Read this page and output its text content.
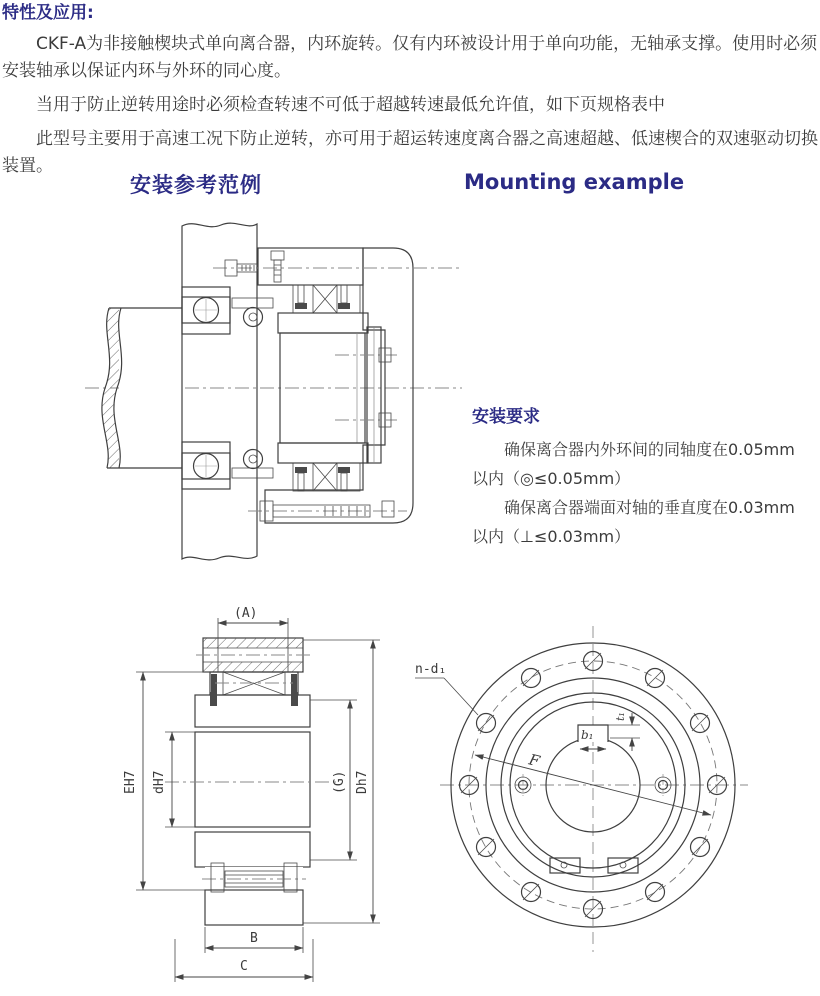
特性及应用:

CKF-A为非接触楔块式单向离合器，内环旋转。仅有内环被设计用于单向功能，无轴承支撑。使用时必须安装轴承以保证内环与外环的同心度。

当用于防止逆转用途时必须检查转速不可低于超越转速最低允许值，如下页规格表中

此型号主要用于高速工况下防止逆转，亦可用于超运转速度离合器之高速超越、低速楔合的双速驱动切换装置。

安装参考范例	Mounting example
安装要求
确保离合器内外环间的同轴度在0.05mm
以内（◎≤0.05mm）
确保离合器端面对轴的垂直度在0.03mm
以内（⊥≤0.03mm）
(A)
EH7 dH7	(G) Dh7
B
C
b₁
t₁
F
n-d₁
